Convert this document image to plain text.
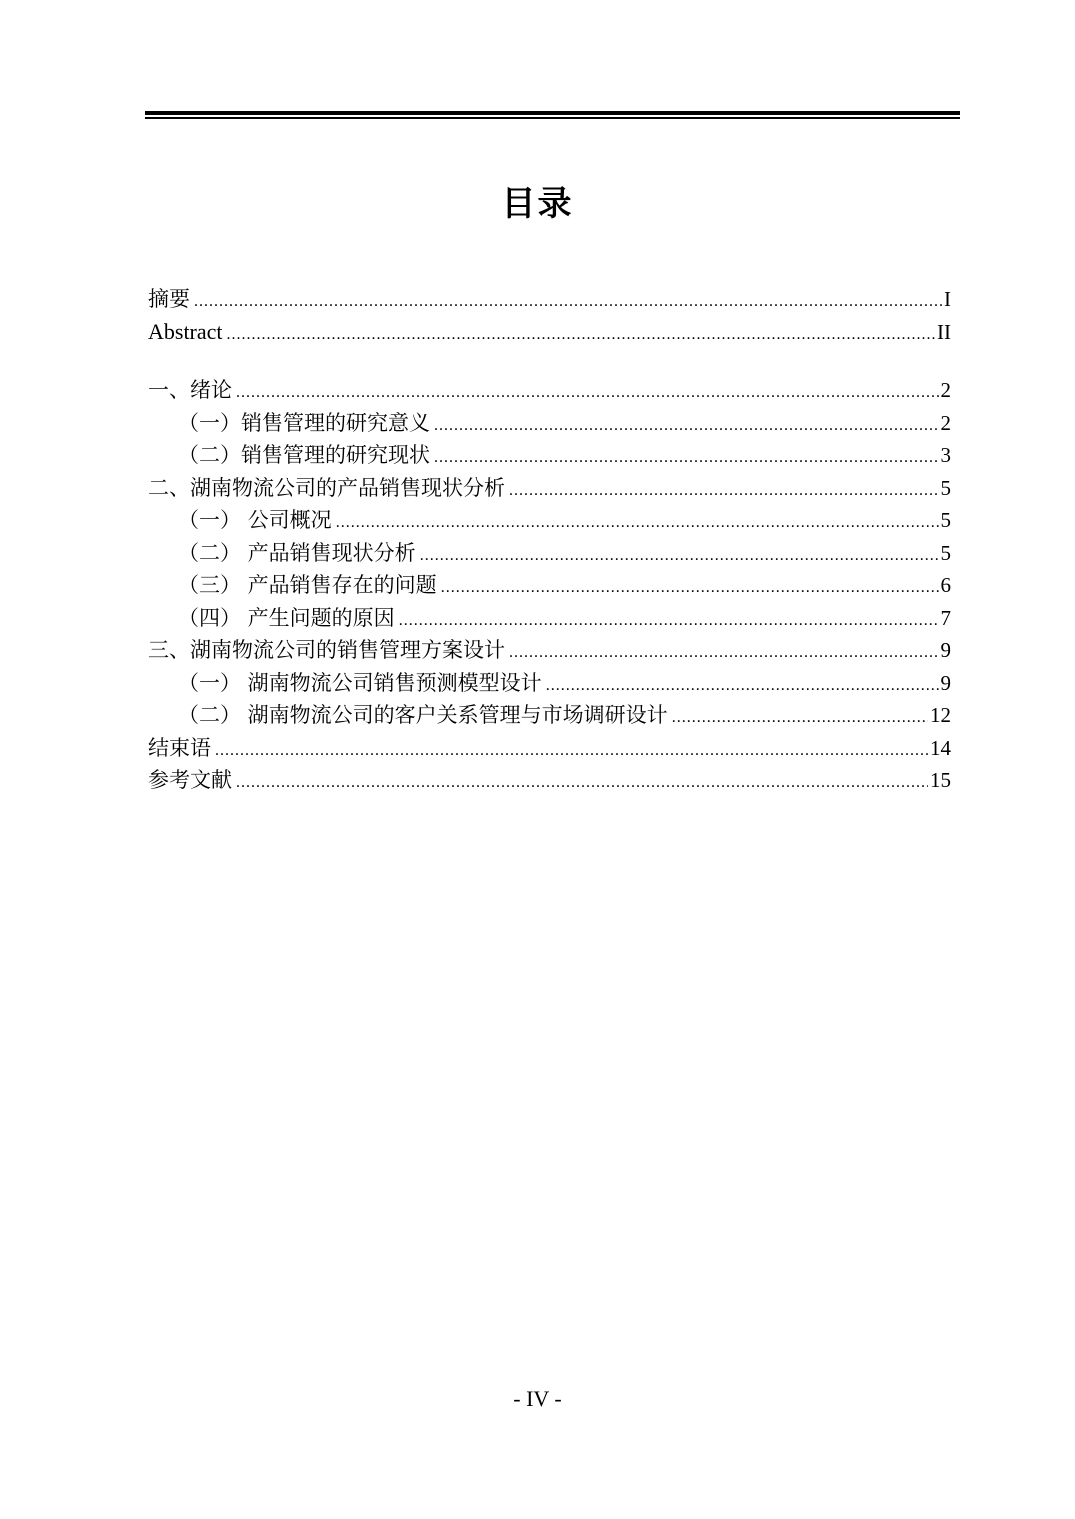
目录
摘要 .....	I
Abstract .....	II
一、绪论 .....	2
（一）销售管理的研究意义 .....	2
（二）销售管理的研究现状 .....	3
二、湖南物流公司的产品销售现状分析 .....	5
（一） 公司概况 .....	5
（二） 产品销售现状分析 .....	5
（三） 产品销售存在的问题 .....	6
（四） 产生问题的原因 .....	7
三、湖南物流公司的销售管理方案设计 .....	9
（一） 湖南物流公司销售预测模型设计 .....	9
（二） 湖南物流公司的客户关系管理与市场调研设计 .....	12
结束语 .....	14
参考文献 .....	15
- IV -
